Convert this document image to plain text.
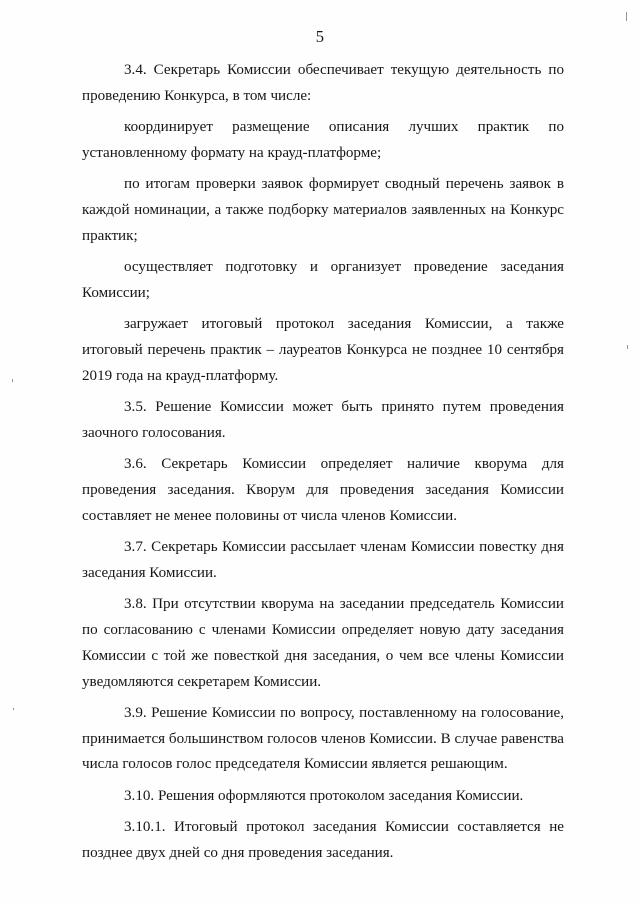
5

3.4. Секретарь Комиссии обеспечивает текущую деятельность по проведению Конкурса, в том числе:

координирует размещение описания лучших практик по установленному формату на крауд-платформе;

по итогам проверки заявок формирует сводный перечень заявок в каждой номинации, а также подборку материалов заявленных на Конкурс практик;

осуществляет подготовку и организует проведение заседания Комиссии;

загружает итоговый протокол заседания Комиссии, а также итоговый перечень практик – лауреатов Конкурса не позднее 10 сентября 2019 года на крауд-платформу.

3.5. Решение Комиссии может быть принято путем проведения заочного голосования.

3.6. Секретарь Комиссии определяет наличие кворума для проведения заседания. Кворум для проведения заседания Комиссии составляет не менее половины от числа членов Комиссии.

3.7. Секретарь Комиссии рассылает членам Комиссии повестку дня заседания Комиссии.

3.8. При отсутствии кворума на заседании председатель Комиссии по согласованию с членами Комиссии определяет новую дату заседания Комиссии с той же повесткой дня заседания, о чем все члены Комиссии уведомляются секретарем Комиссии.

3.9. Решение Комиссии по вопросу, поставленному на голосование, принимается большинством голосов членов Комиссии. В случае равенства числа голосов голос председателя Комиссии является решающим.

3.10. Решения оформляются протоколом заседания Комиссии.

3.10.1. Итоговый протокол заседания Комиссии составляется не позднее двух дней со дня проведения заседания.
